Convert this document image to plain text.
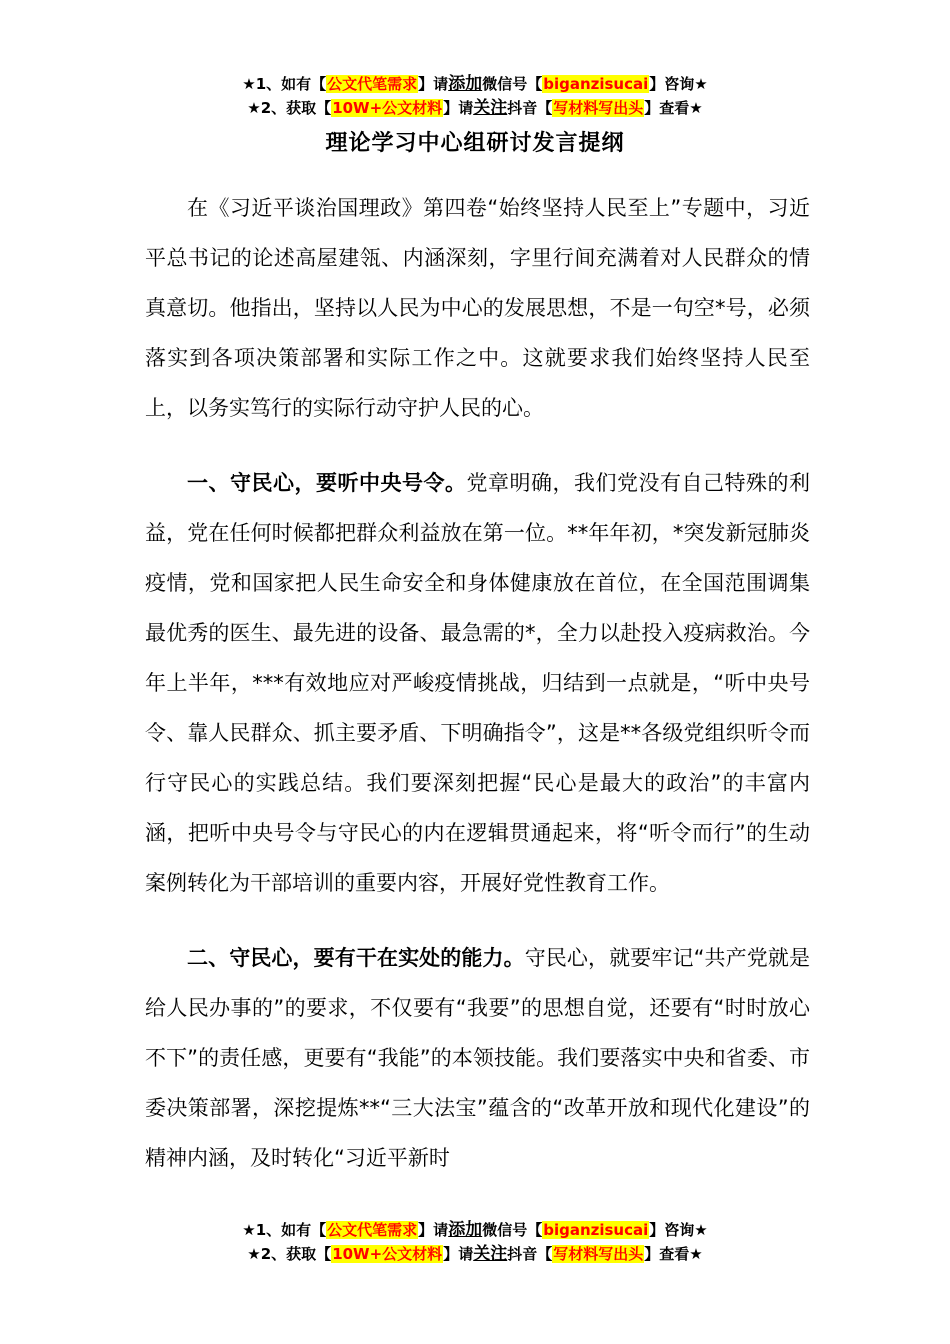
★1、如有【公文代笔需求】请添加微信号【biganzisucai】咨询★
★2、获取【10W+公文材料】请关注抖音【写材料写出头】查看★
理论学习中心组研讨发言提纲

在《习近平谈治国理政》第四卷“始终坚持人民至上”专题中，习近平总书记的论述高屋建瓴、内涵深刻，字里行间充满着对人民群众的情真意切。他指出，坚持以人民为中心的发展思想，不是一句空*号，必须落实到各项决策部署和实际工作之中。这就要求我们始终坚持人民至上，以务实笃行的实际行动守护人民的心。

一、守民心，要听中央号令。党章明确，我们党没有自己特殊的利益，党在任何时候都把群众利益放在第一位。**年年初，*突发新冠肺炎疫情，党和国家把人民生命安全和身体健康放在首位，在全国范围调集最优秀的医生、最先进的设备、最急需的*，全力以赴投入疫病救治。今年上半年，***有效地应对严峻疫情挑战，归结到一点就是，“听中央号令、靠人民群众、抓主要矛盾、下明确指令”，这是**各级党组织听令而行守民心的实践总结。我们要深刻把握“民心是最大的政治”的丰富内涵，把听中央号令与守民心的内在逻辑贯通起来，将“听令而行”的生动案例转化为干部培训的重要内容，开展好党性教育工作。

二、守民心，要有干在实处的能力。守民心，就要牢记“共产党就是给人民办事的”的要求，不仅要有“我要”的思想自觉，还要有“时时放心不下”的责任感，更要有“我能”的本领技能。我们要落实中央和省委、市委决策部署，深挖提炼**“三大法宝”蕴含的“改革开放和现代化建设”的精神内涵，及时转化“习近平新时

★1、如有【公文代笔需求】请添加微信号【biganzisucai】咨询★
★2、获取【10W+公文材料】请关注抖音【写材料写出头】查看★
